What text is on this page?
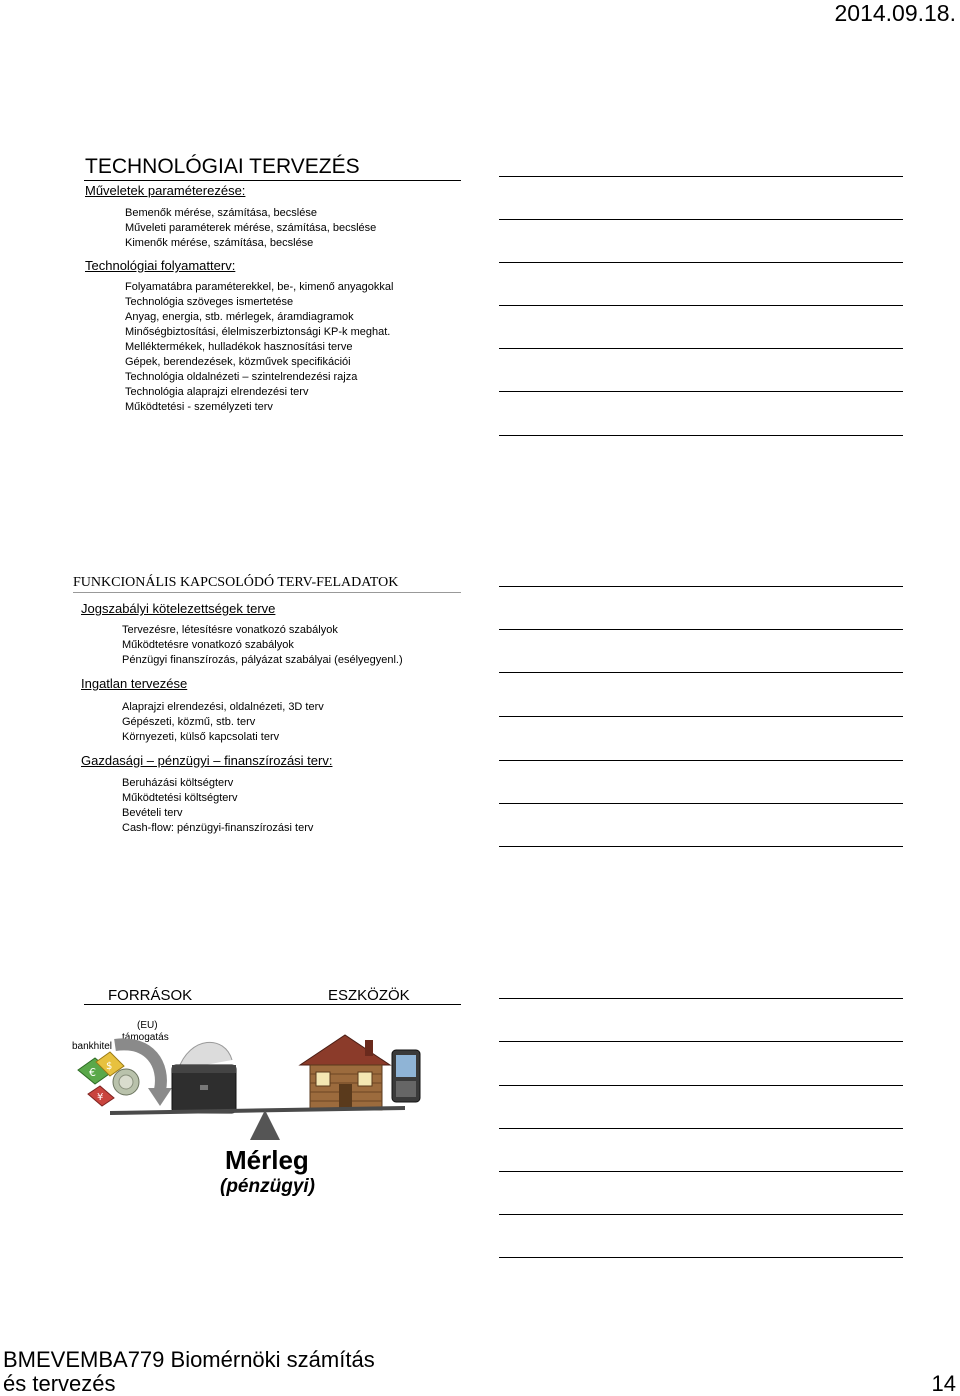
2014.09.18.
TECHNOLÓGIAI TERVEZÉS
Műveletek paraméterezése:
Bemenők mérése, számítása, becslése
Műveleti paraméterek mérése, számítása, becslése
Kimenők mérése, számítása, becslése
Technológiai folyamatterv:
Folyamatábra paraméterekkel, be-, kimenő anyagokkal
Technológia szöveges ismertetése
Anyag, energia, stb. mérlegek, áramdiagramok
Minőségbiztosítási, élelmiszerbiztonsági KP-k meghat.
Melléktermékek, hulladékok hasznosítási terve
Gépek, berendezések, közművek specifikációi
Technológia oldalnézeti – szintelrendezési rajza
Technológia alaprajzi elrendezési terv
Működtetési - személyzeti terv
FUNKCIONÁLIS KAPCSOLÓDÓ TERV-FELADATOK
Jogszabályi kötelezettségek terve
Tervezésre, létesítésre vonatkozó szabályok
Működtetésre vonatkozó szabályok
Pénzügyi finanszírozás, pályázat szabályai (esélyegyenl.)
Ingatlan tervezése
Alaprajzi elrendezési, oldalnézeti, 3D terv
Gépészeti, közmű, stb. terv
Környezeti, külső kapcsolati terv
Gazdasági – pénzügyi – finanszírozási terv:
Beruházási költségterv
Működtetési költségterv
Bevételi terv
Cash-flow: pénzügyi-finanszírozási terv
FORRÁSOK	ESZKÖZÖK
(EU)
támogatás
bankhitel
€ $
¥
Mérleg
(pénzügyi)
BMEVEMBA779 Biomérnöki számítás
és tervezés	14
